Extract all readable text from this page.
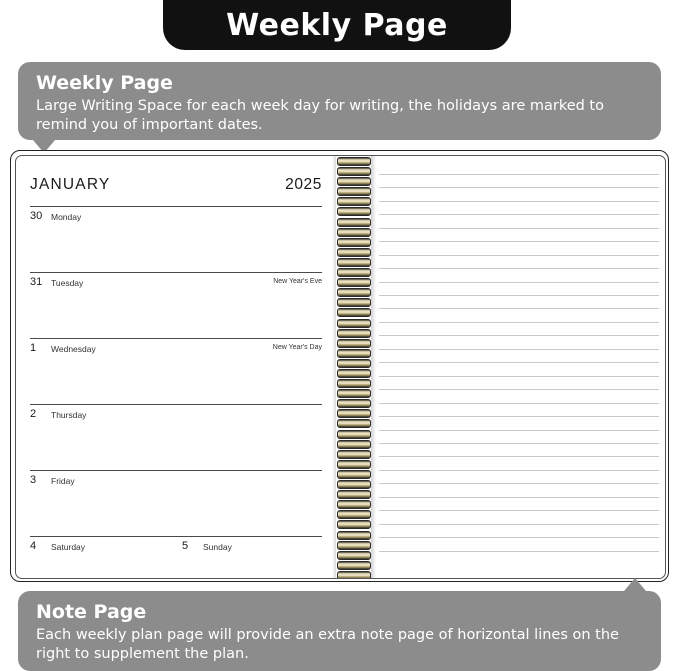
Weekly Page
Weekly Page
Large Writing Space for each week day for writing, the holidays are marked to remind you of important dates.
JANUARY	2025
30 Monday
31 Tuesday	New Year's Eve
1 Wednesday	New Year's Day
2 Thursday
3 Friday
4 Saturday	5 Sunday
Note Page
Each weekly plan page will provide an extra note page of horizontal lines on the right to supplement the plan.
